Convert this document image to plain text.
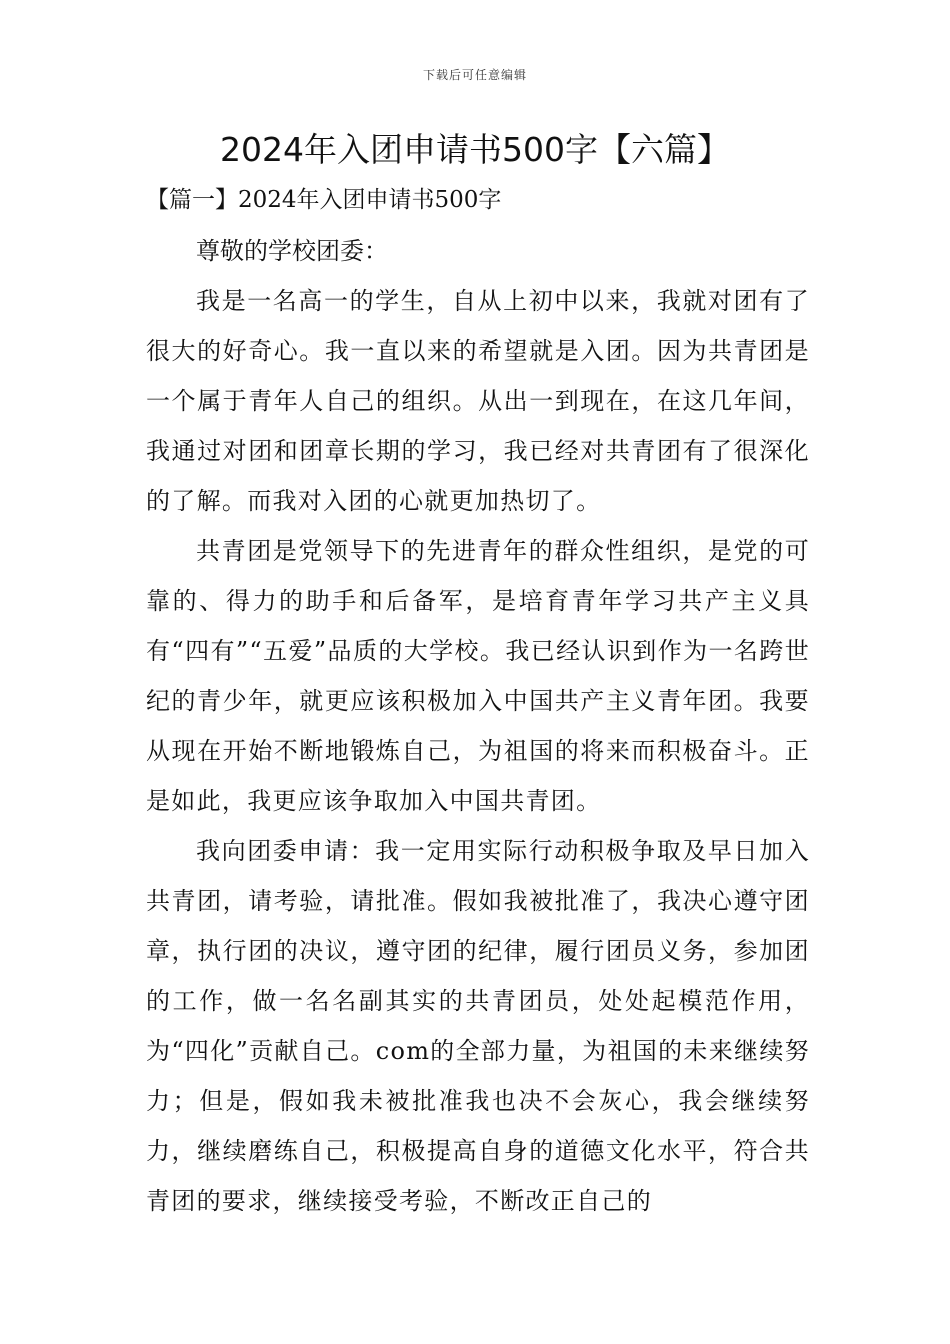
下载后可任意编辑
2024年入团申请书500字【六篇】
【篇一】2024年入团申请书500字

尊敬的学校团委：

我是一名高一的学生，自从上初中以来，我就对团有了很大的好奇心。我一直以来的希望就是入团。因为共青团是一个属于青年人自己的组织。从出一到现在，在这几年间，我通过对团和团章长期的学习，我已经对共青团有了很深化的了解。而我对入团的心就更加热切了。

共青团是党领导下的先进青年的群众性组织，是党的可靠的、得力的助手和后备军，是培育青年学习共产主义具有“四有”“五爱”品质的大学校。我已经认识到作为一名跨世纪的青少年，就更应该积极加入中国共产主义青年团。我要从现在开始不断地锻炼自己，为祖国的将来而积极奋斗。正是如此，我更应该争取加入中国共青团。

我向团委申请：我一定用实际行动积极争取及早日加入共青团，请考验，请批准。假如我被批准了，我决心遵守团章，执行团的决议，遵守团的纪律，履行团员义务，参加团的工作，做一名名副其实的共青团员，处处起模范作用，为“四化”贡献自己。com的全部力量，为祖国的未来继续努力；但是，假如我未被批准我也决不会灰心，我会继续努力，继续磨练自己，积极提高自身的道德文化水平，符合共青团的要求，继续接受考验，不断改正自己的
